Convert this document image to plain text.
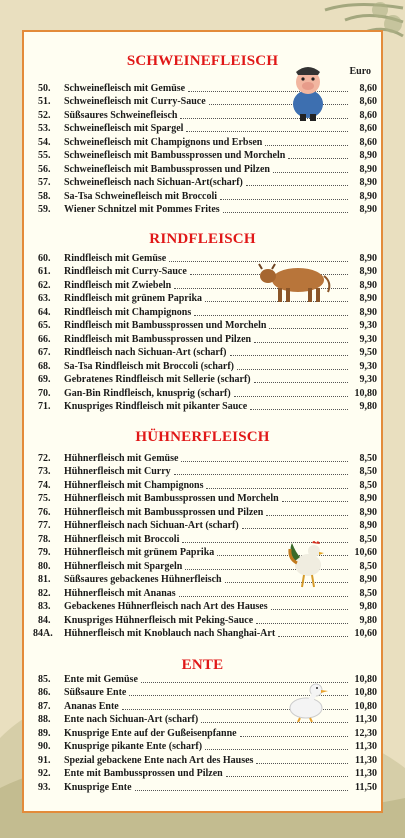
SCHWEINEFLEISCH
Euro
50.	Schweinefleisch mit Gemüse	8,60
51.	Schweinefleisch mit Curry-Sauce	8,60
52.	Süßsaures Schweinefleisch	8,60
53.	Schweinefleisch mit Spargel	8,60
54.	Schweinefleisch mit Champignons und Erbsen	8,60
55.	Schweinefleisch mit Bambussprossen und Morcheln	8,90
56.	Schweinefleisch mit Bambussprossen und Pilzen	8,90
57.	Schweinefleisch nach Sichuan-Art(scharf)	8,90
58.	Sa-Tsa Schweinefleisch mit Broccoli	8,90
59.	Wiener Schnitzel mit Pommes Frites	8,90
RINDFLEISCH
60.	Rindfleisch mit Gemüse	8,90
61.	Rindfleisch mit Curry-Sauce	8,90
62.	Rindfleisch mit Zwiebeln	8,90
63.	Rindfleisch mit grünem Paprika	8,90
64.	Rindfleisch mit Champignons	8,90
65.	Rindfleisch mit Bambussprossen und Morcheln	9,30
66.	Rindfleisch mit Bambussprossen und Pilzen	9,30
67.	Rindfleisch nach Sichuan-Art (scharf)	9,50
68.	Sa-Tsa Rindfleisch mit Broccoli (scharf)	9,30
69.	Gebratenes Rindfleisch mit Sellerie (scharf)	9,30
70.	Gan-Bin Rindfleisch, knusprig (scharf)	10,80
71.	Knuspriges Rindfleisch mit pikanter Sauce	9,80
HÜHNERFLEISCH
72.	Hühnerfleisch mit Gemüse	8,50
73.	Hühnerfleisch mit Curry	8,50
74.	Hühnerfleisch mit Champignons	8,50
75.	Hühnerfleisch mit Bambussprossen und Morcheln	8,90
76.	Hühnerfleisch mit Bambussprossen und Pilzen	8,90
77.	Hühnerfleisch nach Sichuan-Art (scharf)	8,90
78.	Hühnerfleisch mit Broccoli	8,50
79.	Hühnerfleisch mit grünem Paprika	10,60
80.	Hühnerfleisch mit Spargeln	8,50
81.	Süßsaures gebackenes Hühnerfleisch	8,90
82.	Hühnerfleisch mit Ananas	8,50
83.	Gebackenes Hühnerfleisch nach Art des Hauses	9,80
84.	Knuspriges Hühnerfleisch mit Peking-Sauce	9,80
84A.	Hühnerfleisch mit Knoblauch nach Shanghai-Art	10,60
ENTE
85.	Ente mit Gemüse	10,80
86.	Süßsaure Ente	10,80
87.	Ananas Ente	10,80
88.	Ente nach Sichuan-Art (scharf)	11,30
89.	Knusprige Ente auf der Gußeisenpfanne	12,30
90.	Knusprige pikante Ente (scharf)	11,30
91.	Spezial gebackene Ente nach Art des Hauses	11,30
92.	Ente mit Bambussprossen und Pilzen	11,30
93.	Knusprige Ente	11,50
